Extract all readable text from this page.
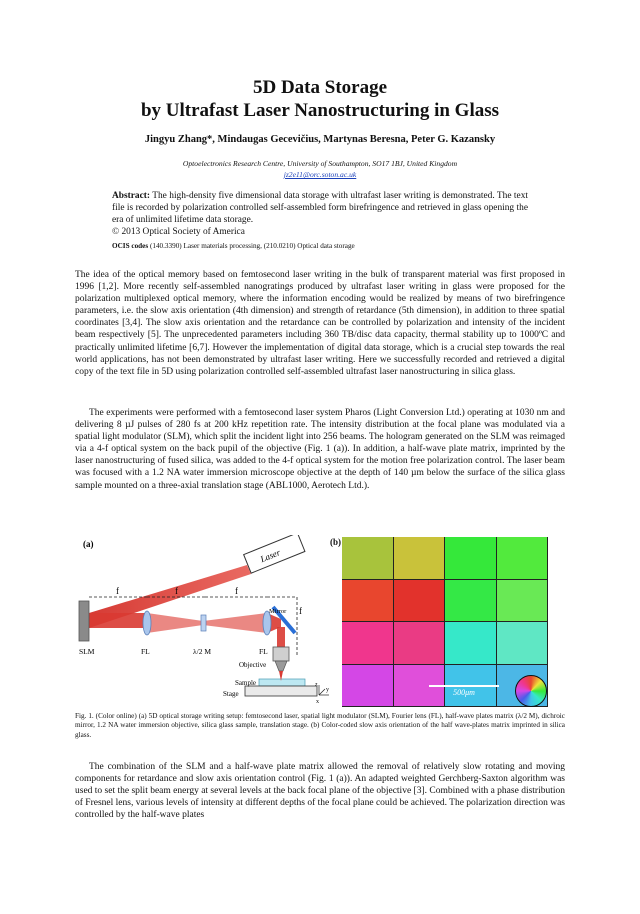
5D Data Storage
by Ultrafast Laser Nanostructuring in Glass
Jingyu Zhang*, Mindaugas Gecevičius, Martynas Beresna, Peter G. Kazansky
Optoelectronics Research Centre, University of Southampton, SO17 1BJ, United Kingdom
jz2e11@orc.soton.ac.uk
Abstract: The high-density five dimensional data storage with ultrafast laser writing is demonstrated. The text file is recorded by polarization controlled self-assembled form birefringence and retrieved in glass opening the era of unlimited lifetime data storage.
© 2013 Optical Society of America
OCIS codes (140.3390) Laser materials processing, (210.0210) Optical data storage
The idea of the optical memory based on femtosecond laser writing in the bulk of transparent material was first proposed in 1996 [1,2]. More recently self-assembled nanogratings produced by ultrafast laser writing in glass were proposed for the polarization multiplexed optical memory, where the information encoding would be realized by means of two birefringence parameters, i.e. the slow axis orientation (4th dimension) and strength of retardance (5th dimension), in addition to three spatial coordinates [3,4]. The slow axis orientation and the retardance can be controlled by polarization and intensity of the incident beam respectively [5]. The unprecedented parameters including 360 TB/disc data capacity, thermal stability up to 1000ºC and practically unlimited lifetime [6,7]. However the implementation of digital data storage, which is a crucial step towards the real world applications, has not been demonstrated by ultrafast laser writing. Here we successfully recorded and retrieved a digital copy of the text file in 5D using polarization controlled self-assembled ultrafast laser nanostructuring in silica glass.
The experiments were performed with a femtosecond laser system Pharos (Light Conversion Ltd.) operating at 1030 nm and delivering 8 µJ pulses of 280 fs at 200 kHz repetition rate. The intensity distribution at the focal plane was modulated via a spatial light modulator (SLM), which split the incident light into 256 beams. The hologram generated on the SLM was reimaged via a 4-f optical system on the back pupil of the objective (Fig. 1 (a)). In addition, a half-wave plate matrix, imprinted by the laser nanostructuring of fused silica, was added to the 4-f optical system for the motion free polarization control. The laser beam was focused with a 1.2 NA water immersion microscope objective at the depth of 140 µm below the surface of the silica glass sample mounted on a three-axial translation stage (ABL1000, Aerotech Ltd.).
(a)
Laser
SLM	FL	λ/2 M	FL
Mirror
f	f	f
f
Objective
Sample
Stage
z
y
x
(b)
500μm
Fig. 1. (Color online) (a) 5D optical storage writing setup: femtosecond laser, spatial light modulator (SLM), Fourier lens (FL), half-wave plates matrix (λ/2 M), dichroic mirror, 1.2 NA water immersion objective, silica glass sample, translation stage. (b) Color-coded slow axis orientation of the half wave-plates matrix imprinted in silica glass.
The combination of the SLM and a half-wave plate matrix allowed the removal of relatively slow rotating and moving components for retardance and slow axis orientation control (Fig. 1 (a)). An adapted weighted Gerchberg-Saxton algorithm was used to set the split beam energy at several levels at the back focal plane of the objective [3]. Combined with a phase distribution of Fresnel lens, various levels of intensity at different depths of the focal plane could be achieved. The polarization direction was controlled by the half-wave plates
